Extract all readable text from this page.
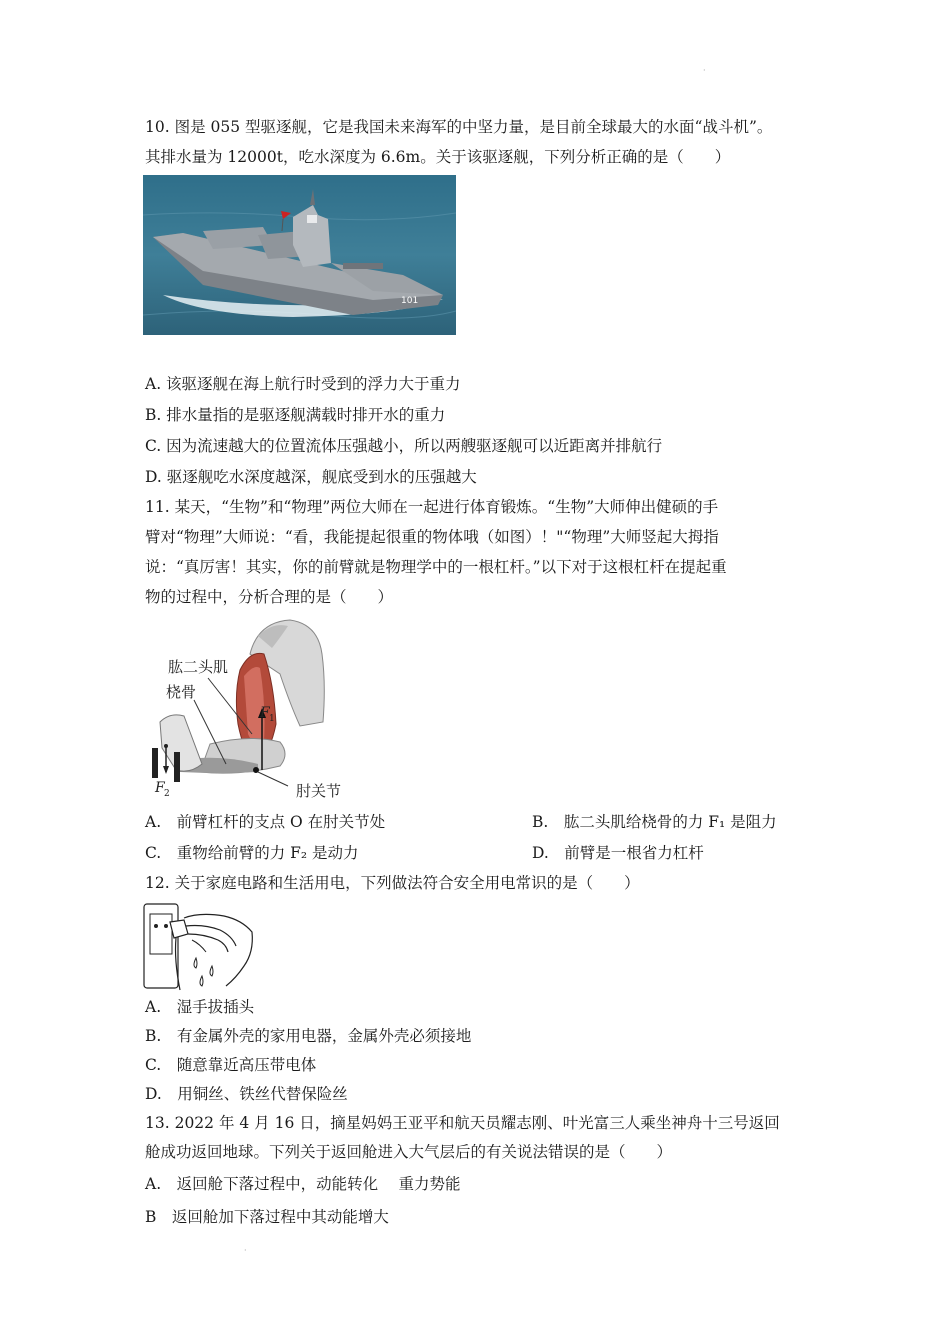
·
10. 图是 055 型驱逐舰，它是我国未来海军的中坚力量，是目前全球最大的水面“战斗机”。
其排水量为 12000t，吃水深度为 6.6m。关于该驱逐舰，下列分析正确的是（　　）
101
A. 该驱逐舰在海上航行时受到的浮力大于重力
B. 排水量指的是驱逐舰满载时排开水的重力
C. 因为流速越大的位置流体压强越小，所以两艘驱逐舰可以近距离并排航行
D. 驱逐舰吃水深度越深，舰底受到水的压强越大
11. 某天，“生物”和“物理”两位大师在一起进行体育锻炼。“生物”大师伸出健硕的手
臂对“物理”大师说：“看，我能提起很重的物体哦（如图）！"“物理”大师竖起大拇指
说：“真厉害！其实，你的前臂就是物理学中的一根杠杆。”以下对于这根杠杆在提起重
物的过程中，分析合理的是（　　）
肱二头肌
桡骨
F 1
F 2	肘关节
A.　前臂杠杆的支点 O 在肘关节处	B.　肱二头肌给桡骨的力 F₁ 是阻力
C.　重物给前臂的力 F₂ 是动力	D.　前臂是一根省力杠杆
12. 关于家庭电路和生活用电，下列做法符合安全用电常识的是（　　）
A.　湿手拔插头
B.　有金属外壳的家用电器，金属外壳必须接地
C.　随意靠近高压带电体
D.　用铜丝、铁丝代替保险丝
13. 2022 年 4 月 16 日，摘星妈妈王亚平和航天员耀志刚、叶光富三人乘坐神舟十三号返回
舱成功返回地球。下列关于返回舱进入大气层后的有关说法错误的是（　　）
A.　返回舱下落过程中，动能转化　 重力势能
B　返回舱加下落过程中其动能增大
·
